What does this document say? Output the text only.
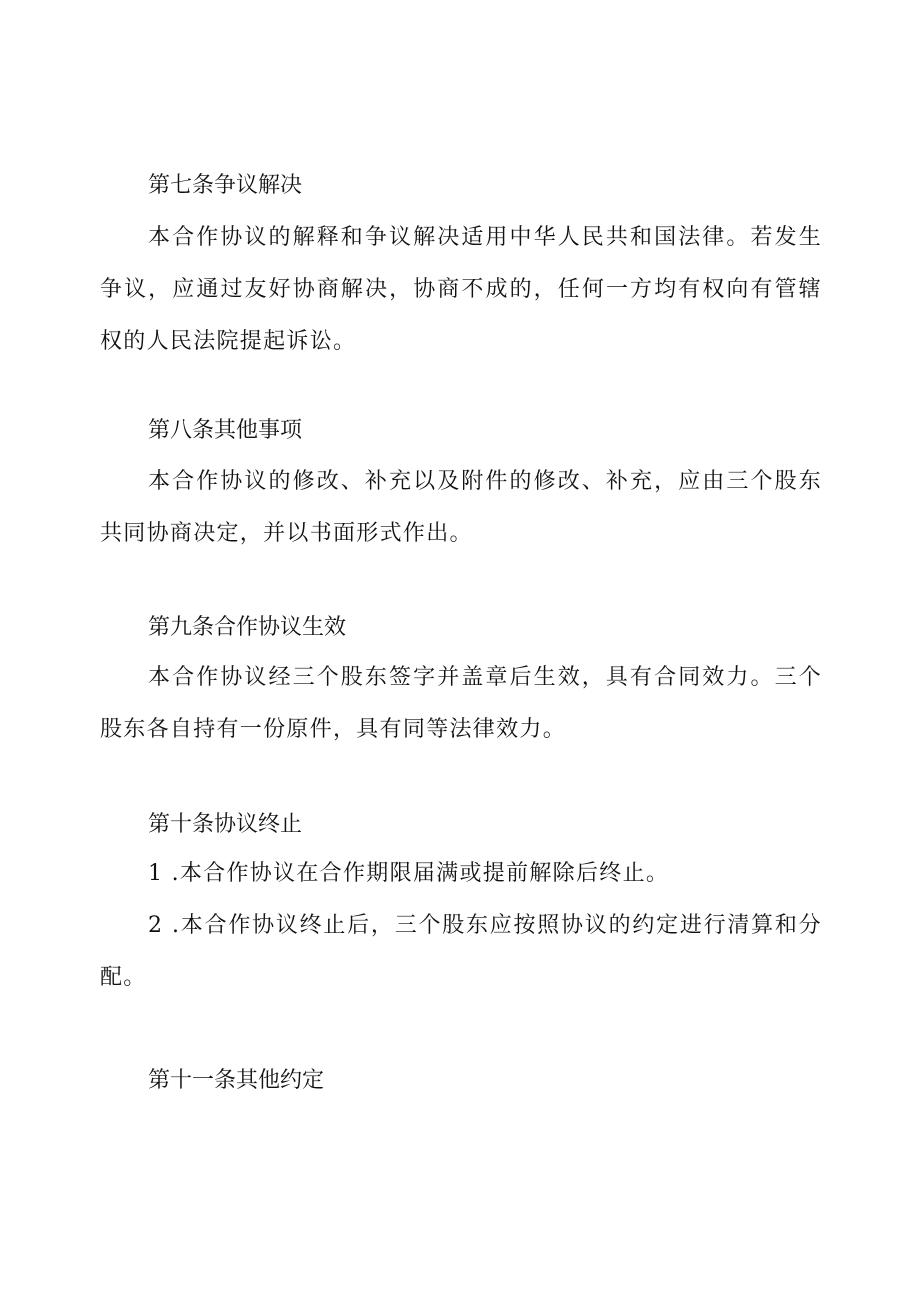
第七条争议解决

本合作协议的解释和争议解决适用中华人民共和国法律。若发生争议，应通过友好协商解决，协商不成的，任何一方均有权向有管辖权的人民法院提起诉讼。

第八条其他事项

本合作协议的修改、补充以及附件的修改、补充，应由三个股东共同协商决定，并以书面形式作出。

第九条合作协议生效

本合作协议经三个股东签字并盖章后生效，具有合同效力。三个股东各自持有一份原件，具有同等法律效力。

第十条协议终止

1 .本合作协议在合作期限届满或提前解除后终止。

2 .本合作协议终止后，三个股东应按照协议的约定进行清算和分配。

第十一条其他约定
